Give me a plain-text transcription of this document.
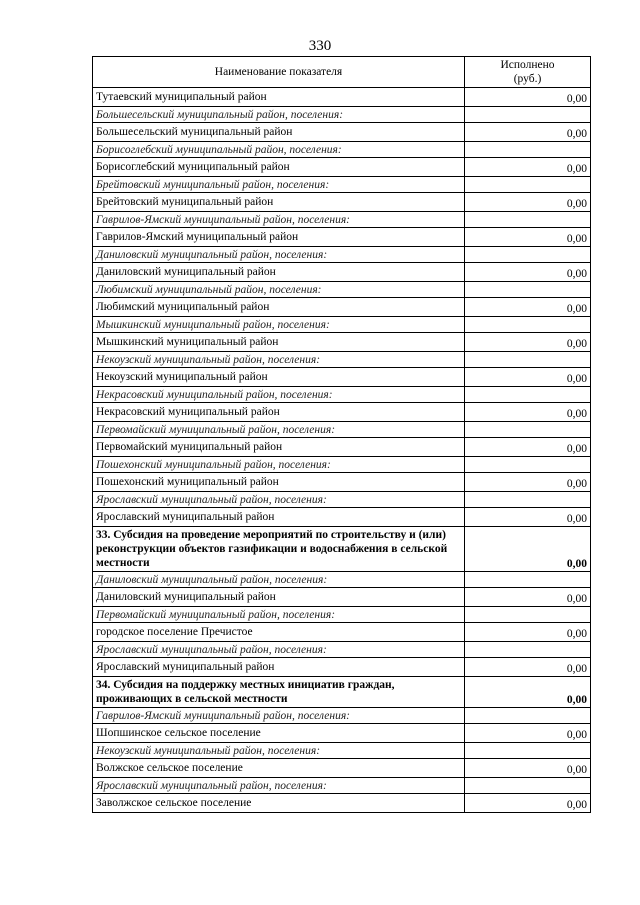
330
Наименование показателя	Исполнено
(руб.)
Тутаевский муниципальный район	0,00
Большесельский муниципальный район, поселения:	
Большесельский муниципальный район	0,00
Борисоглебский муниципальный район, поселения:	
Борисоглебский муниципальный район	0,00
Брейтовский муниципальный район, поселения:	
Брейтовский муниципальный район	0,00
Гаврилов-Ямский муниципальный район, поселения:	
Гаврилов-Ямский муниципальный район	0,00
Даниловский муниципальный район, поселения:	
Даниловский муниципальный район	0,00
Любимский муниципальный район, поселения:	
Любимский муниципальный район	0,00
Мышкинский муниципальный район, поселения:	
Мышкинский муниципальный район	0,00
Некоузский муниципальный район, поселения:	
Некоузский муниципальный район	0,00
Некрасовский муниципальный район, поселения:	
Некрасовский муниципальный район	0,00
Первомайский муниципальный район, поселения:	
Первомайский муниципальный район	0,00
Пошехонский муниципальный район, поселения:	
Пошехонский муниципальный район	0,00
Ярославский муниципальный район, поселения:	
Ярославский муниципальный район	0,00
33. Субсидия на проведение мероприятий по строительству и (или) реконструкции объектов газификации и водоснабжения в сельской местности	0,00
Даниловский муниципальный район, поселения:	
Даниловский муниципальный район	0,00
Первомайский муниципальный район, поселения:	
городское поселение Пречистое	0,00
Ярославский муниципальный район, поселения:	
Ярославский муниципальный район	0,00
34. Субсидия на поддержку местных инициатив граждан, проживающих в сельской местности	0,00
Гаврилов-Ямский муниципальный район, поселения:	
Шопшинское сельское поселение	0,00
Некоузский муниципальный район, поселения:	
Волжское сельское поселение	0,00
Ярославский муниципальный район, поселения:	
Заволжское сельское поселение	0,00
